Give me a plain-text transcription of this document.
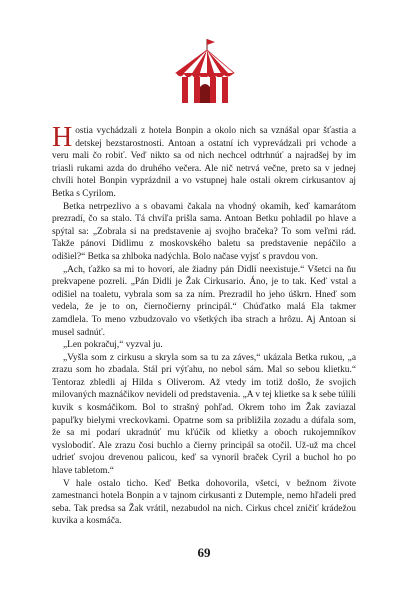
Hostia vychádzali z hotela Bonpin a okolo nich sa vznášal opar šťastia a detskej bezstarostnosti. Antoan a ostatní ich vyprevádzali pri vchode a veru mali čo robiť. Veď nikto sa od nich nechcel odtrhnúť a najradšej by im triasli rukami azda do druhého večera. Ale nič netrvá večne, preto sa v jednej chvíli hotel Bonpin vyprázdnil a vo vstupnej hale ostali okrem cirkusantov aj Betka s Cyrilom.

Betka netrpezlivo a s obavami čakala na vhodný okamih, keď kamarátom prezradí, čo sa stalo. Tá chvíľa prišla sama. Antoan Betku pohladil po hlave a spýtal sa: „Zobrala si na predstavenie aj svojho bračeka? To som veľmi rád. Takže pánovi Didlimu z moskovského baletu sa predstavenie nepáčilo a odišiel?“ Betka sa zhlboka nadýchla. Bolo načase vyjsť s pravdou von.

„Ach, ťažko sa mi to hovorí, ale žiadny pán Didli neexistuje.“ Všetci na ňu prekvapene pozreli. „Pán Didli je Žak Cirkusario. Áno, je to tak. Keď vstal a odišiel na toaletu, vybrala som sa za ním. Prezradil ho jeho úškrn. Hneď som vedela, že je to on, čiernočierny principál.“ Chúďatko malá Ela takmer zamdlela. To meno vzbudzovalo vo všetkých iba strach a hrôzu. Aj Antoan si musel sadnúť.

„Len pokračuj,“ vyzval ju.

„Vyšla som z cirkusu a skryla som sa tu za záves,“ ukázala Betka rukou, „a zrazu som ho zbadala. Stál pri výťahu, no nebol sám. Mal so sebou klietku.“ Tentoraz zbledli aj Hilda s Oliverom. Až vtedy im totiž došlo, že svojich milovaných maznáčikov nevideli od predstavenia. „A v tej klietke sa k sebe túlili kuvik s kosmáčikom. Bol to strašný pohľad. Okrem toho im Žak zaviazal papuľky bielymi vreckovkami. Opatrne som sa približila zozadu a dúfala som, že sa mi podarí ukradnúť mu kľúčik od klietky a oboch rukojemníkov vyslobodiť. Ale zrazu čosi buchlo a čierny principál sa otočil. Už-už ma chcel udrieť svojou drevenou palicou, keď sa vynoril braček Cyril a buchol ho po hlave tabletom.“

V hale ostalo ticho. Keď Betka dohovorila, všetci, v bežnom živote zamestnanci hotela Bonpin a v tajnom cirkusanti z Dutemple, nemo hľadeli pred seba. Tak predsa sa Žak vrátil, nezabudol na nich. Cirkus chcel zničiť krádežou kuvika a kosmáča.

69
